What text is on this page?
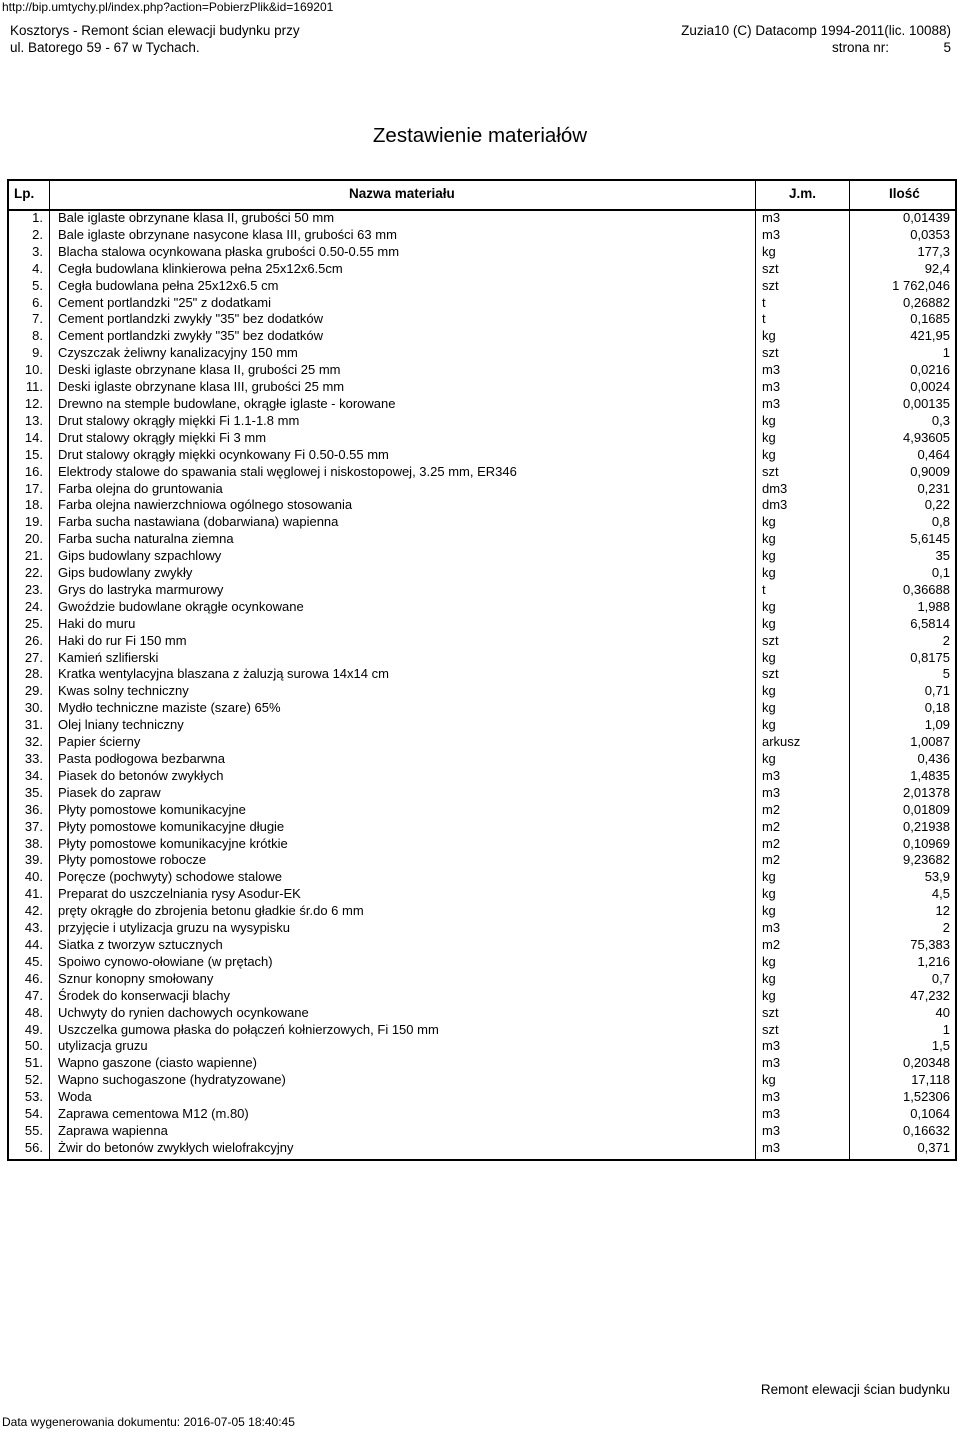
http://bip.umtychy.pl/index.php?action=PobierzPlik&id=169201
Kosztorys - Remont ścian elewacji budynku przy
ul. Batorego 59 - 67 w Tychach.
Zuzia10 (C) Datacomp 1994-2011(lic. 10088)
strona nr:	5
Zestawienie materiałów
Lp.	Nazwa materiału	J.m.	Ilość
1. Bale iglaste obrzynane klasa II, grubości 50 mm	m3	0,01439
2. Bale iglaste obrzynane nasycone klasa III, grubości 63 mm	m3	0,0353
3. Blacha stalowa ocynkowana płaska grubości 0.50-0.55 mm	kg	177,3
4. Cegła budowlana klinkierowa pełna 25x12x6.5cm	szt	92,4
5. Cegła budowlana pełna 25x12x6.5 cm	szt	1 762,046
6. Cement portlandzki "25" z dodatkami	t	0,26882
7. Cement portlandzki zwykły "35" bez dodatków	t	0,1685
8. Cement portlandzki zwykły "35" bez dodatków	kg	421,95
9. Czyszczak żeliwny kanalizacyjny 150 mm	szt	1
10. Deski iglaste obrzynane klasa II, grubości 25 mm	m3	0,0216
11. Deski iglaste obrzynane klasa III, grubości 25 mm	m3	0,0024
12. Drewno na stemple budowlane, okrągłe iglaste - korowane	m3	0,00135
13. Drut stalowy okrągły miękki Fi 1.1-1.8 mm	kg	0,3
14. Drut stalowy okrągły miękki Fi 3 mm	kg	4,93605
15. Drut stalowy okrągły miękki ocynkowany Fi 0.50-0.55 mm	kg	0,464
16. Elektrody stalowe do spawania stali węglowej i niskostopowej, 3.25 mm, ER346	szt	0,9009
17. Farba olejna do gruntowania	dm3	0,231
18. Farba olejna nawierzchniowa ogólnego stosowania	dm3	0,22
19. Farba sucha nastawiana (dobarwiana) wapienna	kg	0,8
20. Farba sucha naturalna ziemna	kg	5,6145
21. Gips budowlany szpachlowy	kg	35
22. Gips budowlany zwykły	kg	0,1
23. Grys do lastryka marmurowy	t	0,36688
24. Gwoździe budowlane okrągłe ocynkowane	kg	1,988
25. Haki do muru	kg	6,5814
26. Haki do rur Fi 150 mm	szt	2
27. Kamień szlifierski	kg	0,8175
28. Kratka wentylacyjna blaszana z żaluzją surowa 14x14 cm	szt	5
29. Kwas solny techniczny	kg	0,71
30. Mydło techniczne maziste (szare) 65%	kg	0,18
31. Olej lniany techniczny	kg	1,09
32. Papier ścierny	arkusz	1,0087
33. Pasta podłogowa bezbarwna	kg	0,436
34. Piasek do betonów zwykłych	m3	1,4835
35. Piasek do zapraw	m3	2,01378
36. Płyty pomostowe komunikacyjne	m2	0,01809
37. Płyty pomostowe komunikacyjne długie	m2	0,21938
38. Płyty pomostowe komunikacyjne krótkie	m2	0,10969
39. Płyty pomostowe robocze	m2	9,23682
40. Poręcze (pochwyty) schodowe stalowe	kg	53,9
41. Preparat do uszczelniania rysy Asodur-EK	kg	4,5
42. pręty okrągłe do zbrojenia betonu gładkie śr.do 6 mm	kg	12
43. przyjęcie i utylizacja gruzu na wysypisku	m3	2
44. Siatka z tworzyw sztucznych	m2	75,383
45. Spoiwo cynowo-ołowiane (w prętach)	kg	1,216
46. Sznur konopny smołowany	kg	0,7
47. Środek do konserwacji blachy	kg	47,232
48. Uchwyty do rynien dachowych ocynkowane	szt	40
49. Uszczelka gumowa płaska do połączeń kołnierzowych, Fi 150 mm	szt	1
50. utylizacja gruzu	m3	1,5
51. Wapno gaszone (ciasto wapienne)	m3	0,20348
52. Wapno suchogaszone (hydratyzowane)	kg	17,118
53. Woda	m3	1,52306
54. Zaprawa cementowa M12 (m.80)	m3	0,1064
55. Zaprawa wapienna	m3	0,16632
56. Żwir do betonów zwykłych wielofrakcyjny	m3	0,371
Remont elewacji ścian budynku
Data wygenerowania dokumentu: 2016-07-05 18:40:45
